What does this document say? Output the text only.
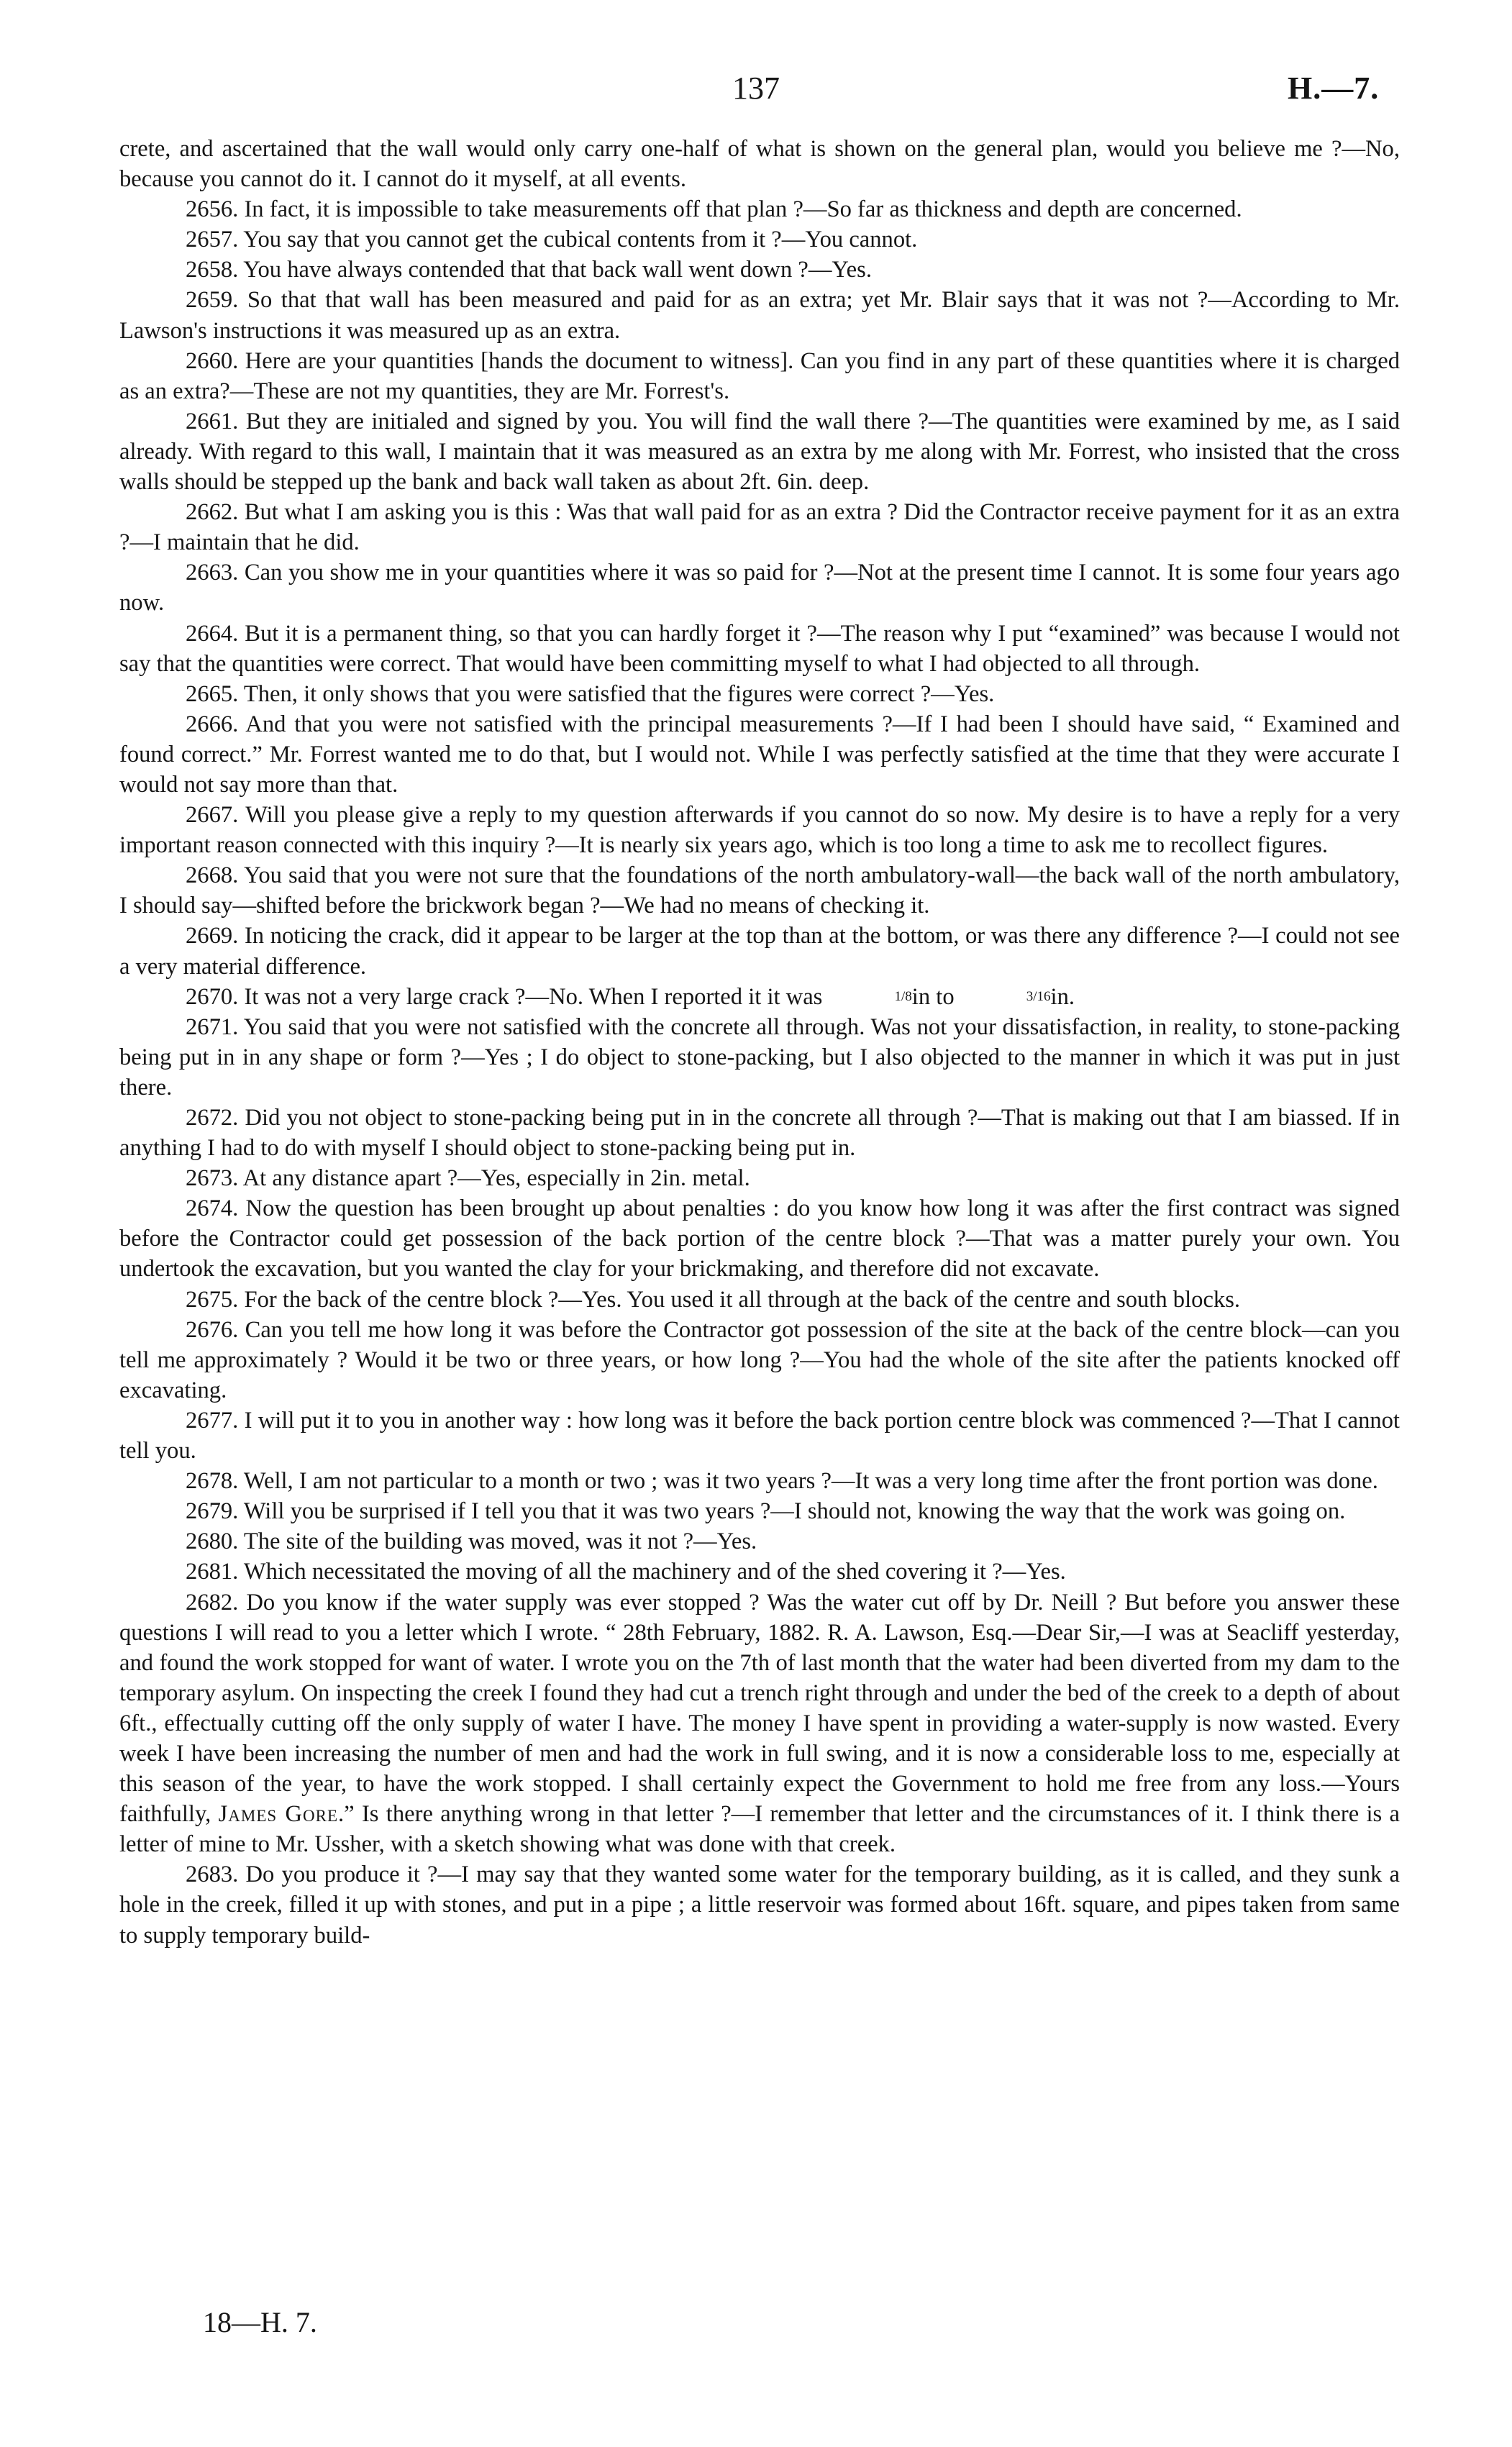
137	H.—7.

crete, and ascertained that the wall would only carry one-half of what is shown on the general plan, would you believe me ?—No, because you cannot do it. I cannot do it myself, at all events.

2656. In fact, it is impossible to take measurements off that plan ?—So far as thickness and depth are concerned.

2657. You say that you cannot get the cubical contents from it ?—You cannot.

2658. You have always contended that that back wall went down ?—Yes.

2659. So that that wall has been measured and paid for as an extra; yet Mr. Blair says that it was not ?—According to Mr. Lawson's instructions it was measured up as an extra.

2660. Here are your quantities [hands the document to witness]. Can you find in any part of these quantities where it is charged as an extra?—These are not my quantities, they are Mr. Forrest's.

2661. But they are initialed and signed by you. You will find the wall there ?—The quantities were examined by me, as I said already. With regard to this wall, I maintain that it was measured as an extra by me along with Mr. Forrest, who insisted that the cross walls should be stepped up the bank and back wall taken as about 2ft. 6in. deep.

2662. But what I am asking you is this : Was that wall paid for as an extra ? Did the Contractor receive payment for it as an extra ?—I maintain that he did.

2663. Can you show me in your quantities where it was so paid for ?—Not at the present time I cannot. It is some four years ago now.

2664. But it is a permanent thing, so that you can hardly forget it ?—The reason why I put “examined” was because I would not say that the quantities were correct. That would have been committing myself to what I had objected to all through.

2665. Then, it only shows that you were satisfied that the figures were correct ?—Yes.

2666. And that you were not satisfied with the principal measurements ?—If I had been I should have said, “ Examined and found correct.” Mr. Forrest wanted me to do that, but I would not. While I was perfectly satisfied at the time that they were accurate I would not say more than that.

2667. Will you please give a reply to my question afterwards if you cannot do so now. My desire is to have a reply for a very important reason connected with this inquiry ?—It is nearly six years ago, which is too long a time to ask me to recollect figures.

2668. You said that you were not sure that the foundations of the north ambulatory-wall—the back wall of the north ambulatory, I should say—shifted before the brickwork began ?—We had no means of checking it.

2669. In noticing the crack, did it appear to be larger at the top than at the bottom, or was there any difference ?—I could not see a very material difference.

2670. It was not a very large crack ?—No. When I reported it it was	1/8in to	3/16in.

2671. You said that you were not satisfied with the concrete all through. Was not your dissatisfaction, in reality, to stone-packing being put in in any shape or form ?—Yes ; I do object to stone-packing, but I also objected to the manner in which it was put in just there.

2672. Did you not object to stone-packing being put in in the concrete all through ?—That is making out that I am biassed. If in anything I had to do with myself I should object to stone-packing being put in.

2673. At any distance apart ?—Yes, especially in 2in. metal.

2674. Now the question has been brought up about penalties : do you know how long it was after the first contract was signed before the Contractor could get possession of the back portion of the centre block ?—That was a matter purely your own. You undertook the excavation, but you wanted the clay for your brickmaking, and therefore did not excavate.

2675. For the back of the centre block ?—Yes. You used it all through at the back of the centre and south blocks.

2676. Can you tell me how long it was before the Contractor got possession of the site at the back of the centre block—can you tell me approximately ? Would it be two or three years, or how long ?—You had the whole of the site after the patients knocked off excavating.

2677. I will put it to you in another way : how long was it before the back portion centre block was commenced ?—That I cannot tell you.

2678. Well, I am not particular to a month or two ; was it two years ?—It was a very long time after the front portion was done.

2679. Will you be surprised if I tell you that it was two years ?—I should not, knowing the way that the work was going on.

2680. The site of the building was moved, was it not ?—Yes.

2681. Which necessitated the moving of all the machinery and of the shed covering it ?—Yes.

2682. Do you know if the water supply was ever stopped ? Was the water cut off by Dr. Neill ? But before you answer these questions I will read to you a letter which I wrote. “ 28th February, 1882. R. A. Lawson, Esq.—Dear Sir,—I was at Seacliff yesterday, and found the work stopped for want of water. I wrote you on the 7th of last month that the water had been diverted from my dam to the temporary asylum. On inspecting the creek I found they had cut a trench right through and under the bed of the creek to a depth of about 6ft., effectually cutting off the only supply of water I have. The money I have spent in providing a water-supply is now wasted. Every week I have been increasing the number of men and had the work in full swing, and it is now a considerable loss to me, especially at this season of the year, to have the work stopped. I shall certainly expect the Government to hold me free from any loss.—Yours faithfully, James Gore.” Is there anything wrong in that letter ?—I remember that letter and the circumstances of it. I think there is a letter of mine to Mr. Ussher, with a sketch showing what was done with that creek.

2683. Do you produce it ?—I may say that they wanted some water for the temporary building, as it is called, and they sunk a hole in the creek, filled it up with stones, and put in a pipe ; a little reservoir was formed about 16ft. square, and pipes taken from same to supply temporary build-

18—H. 7.
